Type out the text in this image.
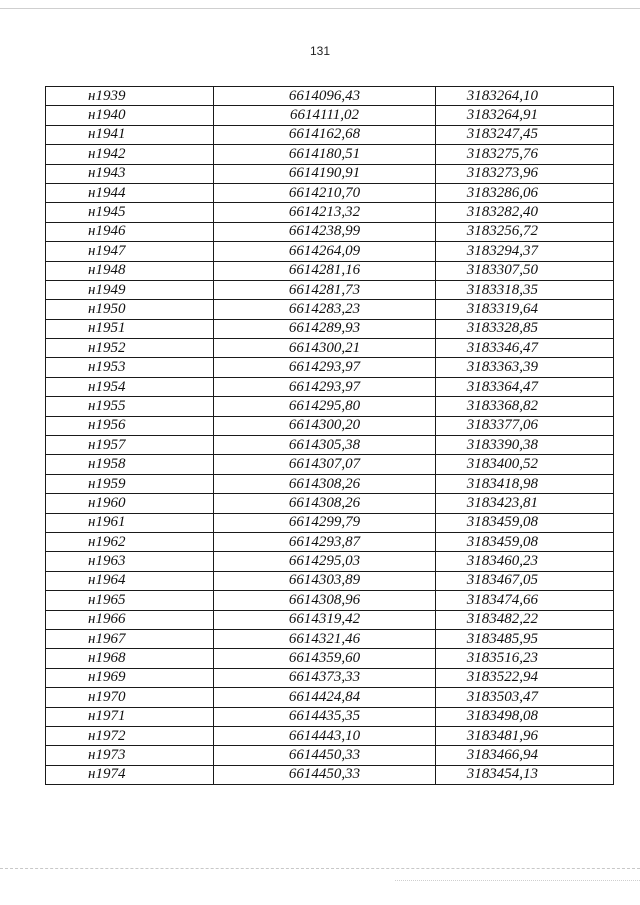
131
н1939	6614096,43	3183264,10
н1940	6614111,02	3183264,91
н1941	6614162,68	3183247,45
н1942	6614180,51	3183275,76
н1943	6614190,91	3183273,96
н1944	6614210,70	3183286,06
н1945	6614213,32	3183282,40
н1946	6614238,99	3183256,72
н1947	6614264,09	3183294,37
н1948	6614281,16	3183307,50
н1949	6614281,73	3183318,35
н1950	6614283,23	3183319,64
н1951	6614289,93	3183328,85
н1952	6614300,21	3183346,47
н1953	6614293,97	3183363,39
н1954	6614293,97	3183364,47
н1955	6614295,80	3183368,82
н1956	6614300,20	3183377,06
н1957	6614305,38	3183390,38
н1958	6614307,07	3183400,52
н1959	6614308,26	3183418,98
н1960	6614308,26	3183423,81
н1961	6614299,79	3183459,08
н1962	6614293,87	3183459,08
н1963	6614295,03	3183460,23
н1964	6614303,89	3183467,05
н1965	6614308,96	3183474,66
н1966	6614319,42	3183482,22
н1967	6614321,46	3183485,95
н1968	6614359,60	3183516,23
н1969	6614373,33	3183522,94
н1970	6614424,84	3183503,47
н1971	6614435,35	3183498,08
н1972	6614443,10	3183481,96
н1973	6614450,33	3183466,94
н1974	6614450,33	3183454,13
